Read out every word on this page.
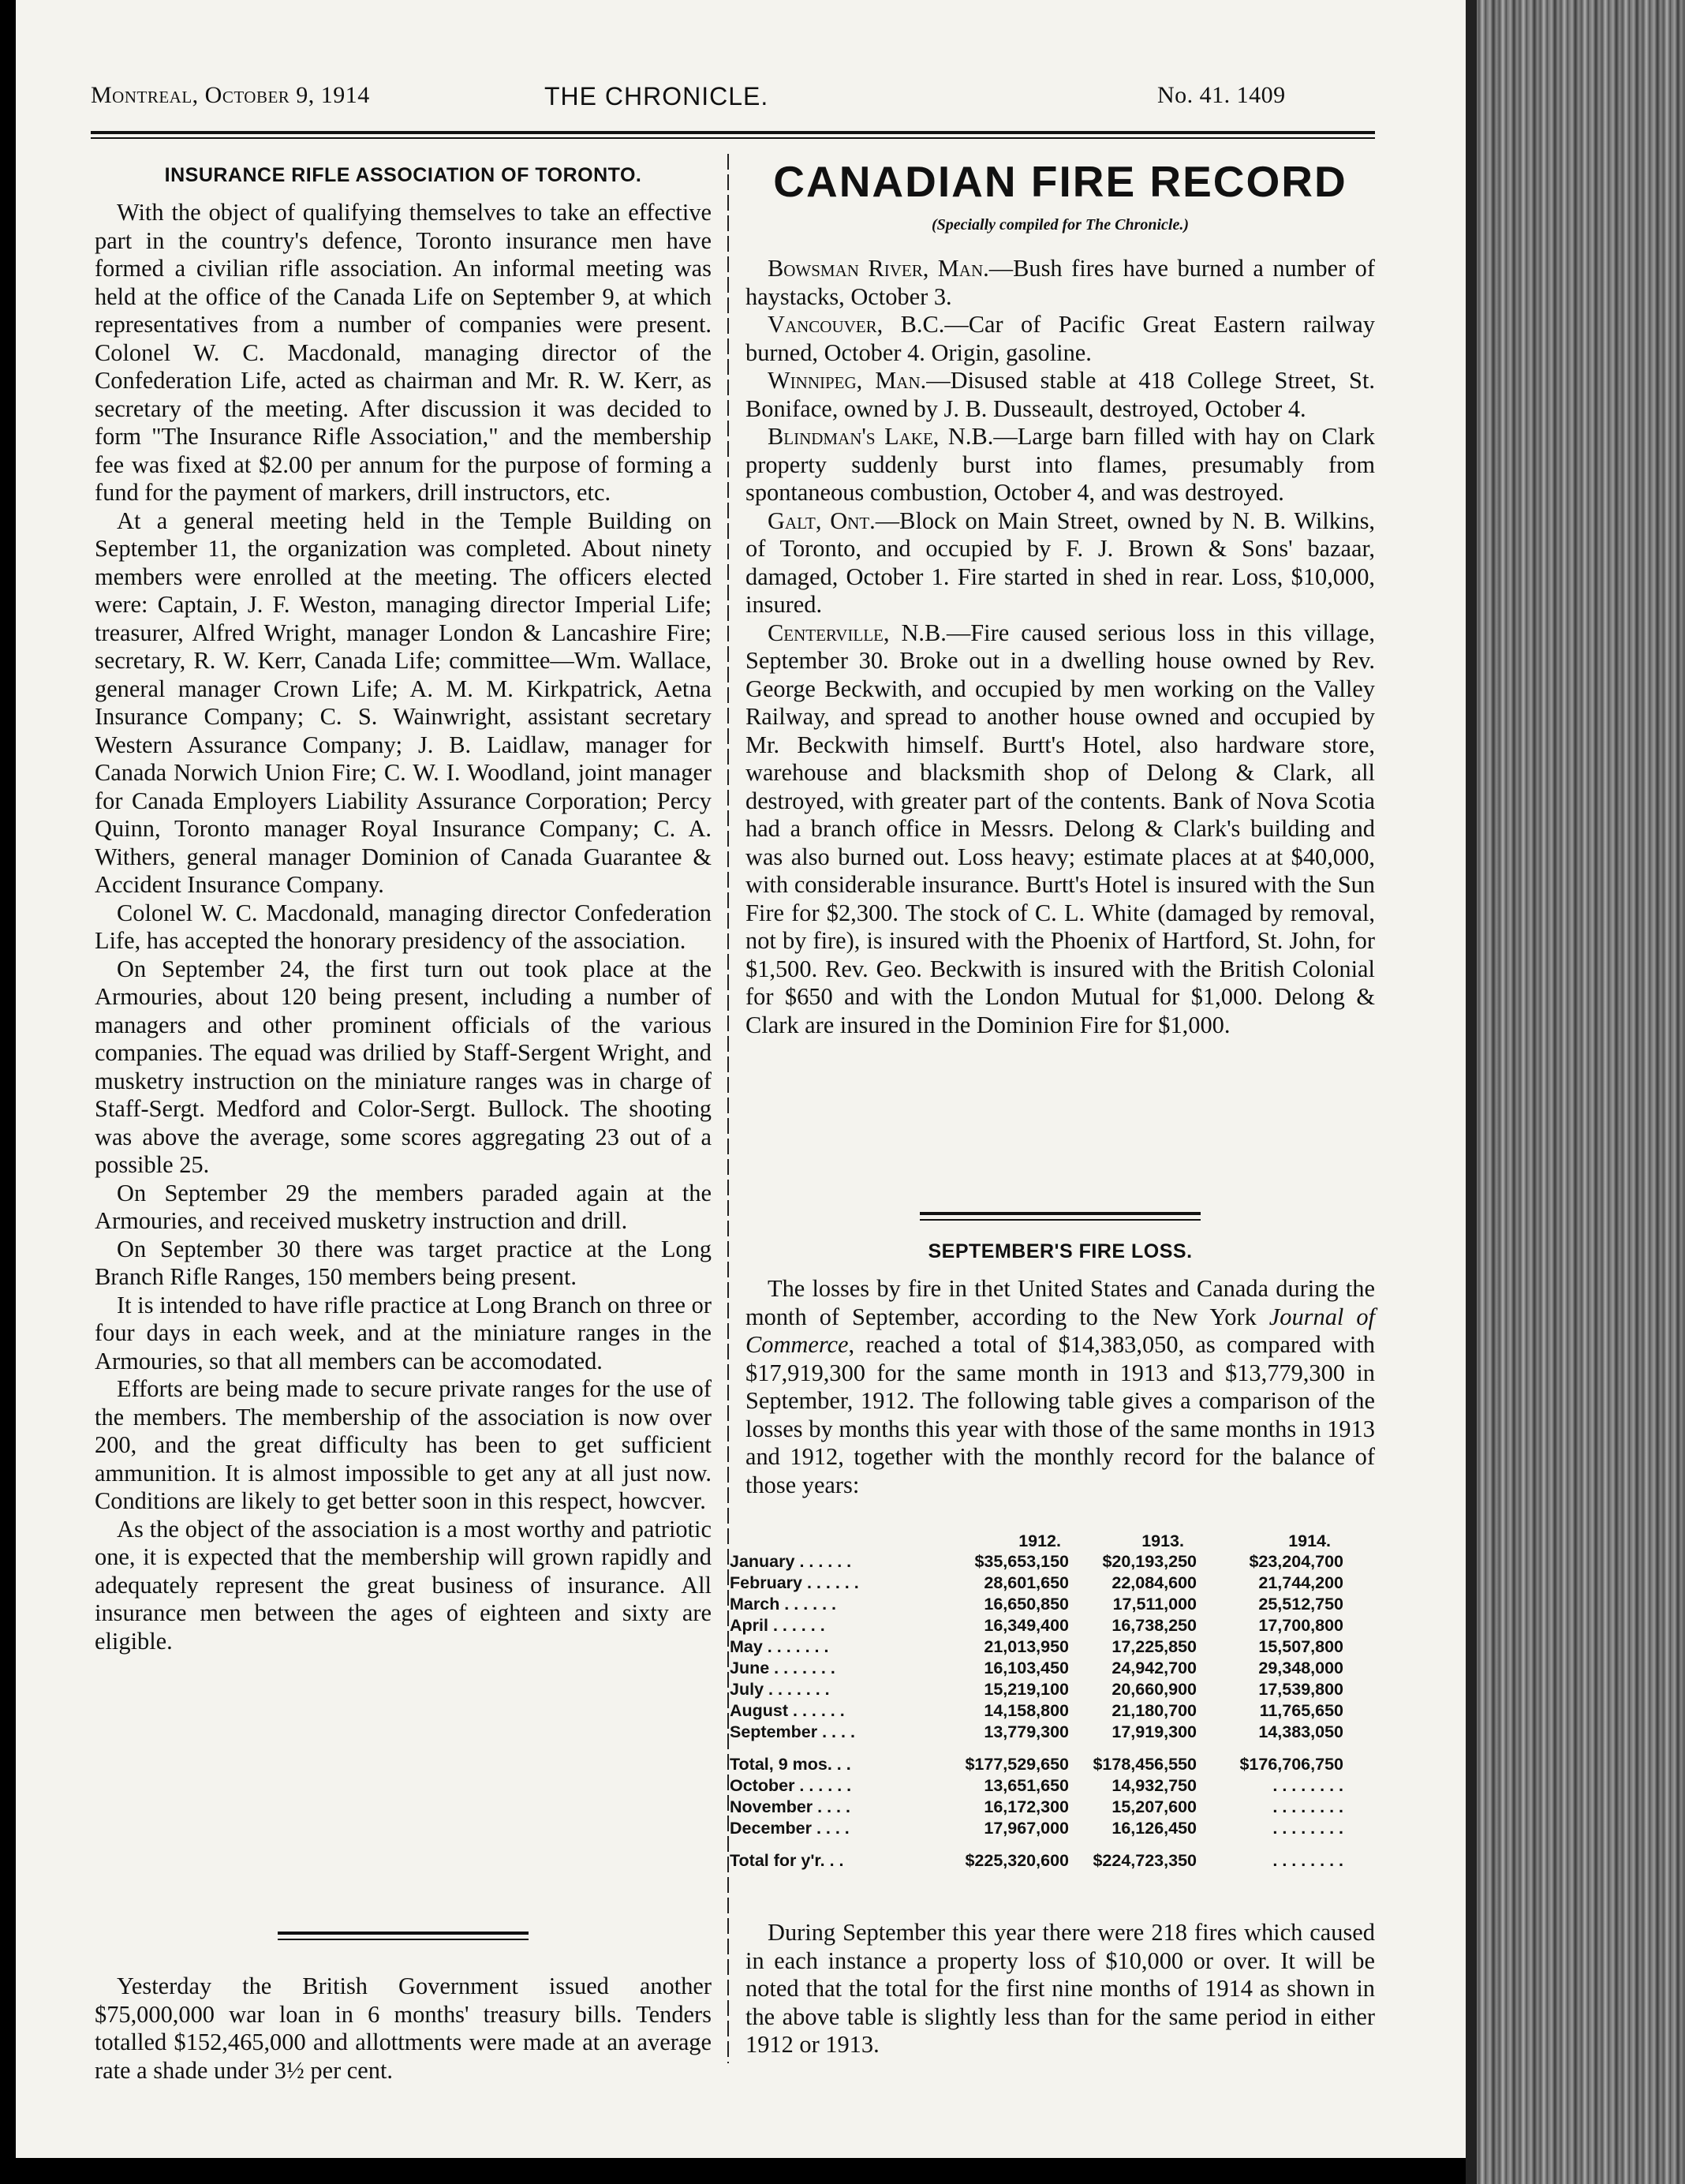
Montreal, October 9, 1914	THE CHRONICLE.	No. 41. 1409
INSURANCE RIFLE ASSOCIATION OF TORONTO.

With the object of qualifying themselves to take an effective part in the country's defence, Toronto insurance men have formed a civilian rifle association. An informal meeting was held at the office of the Canada Life on September 9, at which representatives from a number of companies were present. Colonel W. C. Macdonald, managing director of the Confederation Life, acted as chairman and Mr. R. W. Kerr, as secretary of the meeting. After discussion it was decided to form "The Insurance Rifle Association," and the membership fee was fixed at $2.00 per annum for the purpose of forming a fund for the payment of markers, drill instructors, etc.

At a general meeting held in the Temple Building on September 11, the organization was completed. About ninety members were enrolled at the meeting. The officers elected were: Captain, J. F. Weston, managing director Imperial Life; treasurer, Alfred Wright, manager London & Lancashire Fire; secretary, R. W. Kerr, Canada Life; committee—Wm. Wallace, general manager Crown Life; A. M. M. Kirkpatrick, Aetna Insurance Company; C. S. Wainwright, assistant secretary Western Assurance Company; J. B. Laidlaw, manager for Canada Norwich Union Fire; C. W. I. Woodland, joint manager for Canada Employers Liability Assurance Corporation; Percy Quinn, Toronto manager Royal Insurance Company; C. A. Withers, general manager Dominion of Canada Guarantee & Accident Insurance Company.

Colonel W. C. Macdonald, managing director Confederation Life, has accepted the honorary presidency of the association.

On September 24, the first turn out took place at the Armouries, about 120 being present, including a number of managers and other prominent officials of the various companies. The equad was drilied by Staff-Sergent Wright, and musketry instruction on the miniature ranges was in charge of Staff-Sergt. Medford and Color-Sergt. Bullock. The shooting was above the average, some scores aggregating 23 out of a possible 25.

On September 29 the members paraded again at the Armouries, and received musketry instruction and drill.

On September 30 there was target practice at the Long Branch Rifle Ranges, 150 members being present.

It is intended to have rifle practice at Long Branch on three or four days in each week, and at the miniature ranges in the Armouries, so that all members can be accomodated.

Efforts are being made to secure private ranges for the use of the members. The membership of the association is now over 200, and the great difficulty has been to get sufficient ammunition. It is almost impossible to get any at all just now. Conditions are likely to get better soon in this respect, howcver.

As the object of the association is a most worthy and patriotic one, it is expected that the membership will grown rapidly and adequately represent the great business of insurance. All insurance men between the ages of eighteen and sixty are eligible.

Yesterday the British Government issued another $75,000,000 war loan in 6 months' treasury bills. Tenders totalled $152,465,000 and allottments were made at an average rate a shade under 3½ per cent.

CANADIAN FIRE RECORD
(Specially compiled for The Chronicle.)

Bowsman River, Man.—Bush fires have burned a number of haystacks, October 3.

Vancouver, B.C.—Car of Pacific Great Eastern railway burned, October 4. Origin, gasoline.

Winnipeg, Man.—Disused stable at 418 College Street, St. Boniface, owned by J. B. Dusseault, destroyed, October 4.

Blindman's Lake, N.B.—Large barn filled with hay on Clark property suddenly burst into flames, presumably from spontaneous combustion, October 4, and was destroyed.

Galt, Ont.—Block on Main Street, owned by N. B. Wilkins, of Toronto, and occupied by F. J. Brown & Sons' bazaar, damaged, October 1. Fire started in shed in rear. Loss, $10,000, insured.

Centerville, N.B.—Fire caused serious loss in this village, September 30. Broke out in a dwelling house owned by Rev. George Beckwith, and occupied by men working on the Valley Railway, and spread to another house owned and occupied by Mr. Beckwith himself. Burtt's Hotel, also hardware store, warehouse and blacksmith shop of Delong & Clark, all destroyed, with greater part of the contents. Bank of Nova Scotia had a branch office in Messrs. Delong & Clark's building and was also burned out. Loss heavy; estimate places at at $40,000, with considerable insurance. Burtt's Hotel is insured with the Sun Fire for $2,300. The stock of C. L. White (damaged by removal, not by fire), is insured with the Phoenix of Hartford, St. John, for $1,500. Rev. Geo. Beckwith is insured with the British Colonial for $650 and with the London Mutual for $1,000. Delong & Clark are insured in the Dominion Fire for $1,000.

SEPTEMBER'S FIRE LOSS.

The losses by fire in thet United States and Canada during the month of September, according to the New York Journal of Commerce, reached a total of $14,383,050, as compared with $17,919,300 for the same month in 1913 and $13,779,300 in September, 1912. The following table gives a comparison of the losses by months this year with those of the same months in 1913 and 1912, together with the monthly record for the balance of those years:

	1912.	1913.	1914.
January . . . . . .	$35,653,150	$20,193,250	$23,204,700
February . . . . . .	28,601,650	22,084,600	21,744,200
March . . . . . .	16,650,850	17,511,000	25,512,750
April . . . . . .	16,349,400	16,738,250	17,700,800
May . . . . . . .	21,013,950	17,225,850	15,507,800
June . . . . . . .	16,103,450	24,942,700	29,348,000
July . . . . . . .	15,219,100	20,660,900	17,539,800
August . . . . . .	14,158,800	21,180,700	11,765,650
September . . . .	13,779,300	17,919,300	14,383,050

Total, 9 mos. . .	$177,529,650	$178,456,550	$176,706,750
October . . . . . .	13,651,650	14,932,750	. . . . . . . .
November . . . .	16,172,300	15,207,600	. . . . . . . .
December . . . .	17,967,000	16,126,450	. . . . . . . .

Total for y'r. . .	$225,320,600	$224,723,350	. . . . . . . .

During September this year there were 218 fires which caused in each instance a property loss of $10,000 or over. It will be noted that the total for the first nine months of 1914 as shown in the above table is slightly less than for the same period in either 1912 or 1913.
